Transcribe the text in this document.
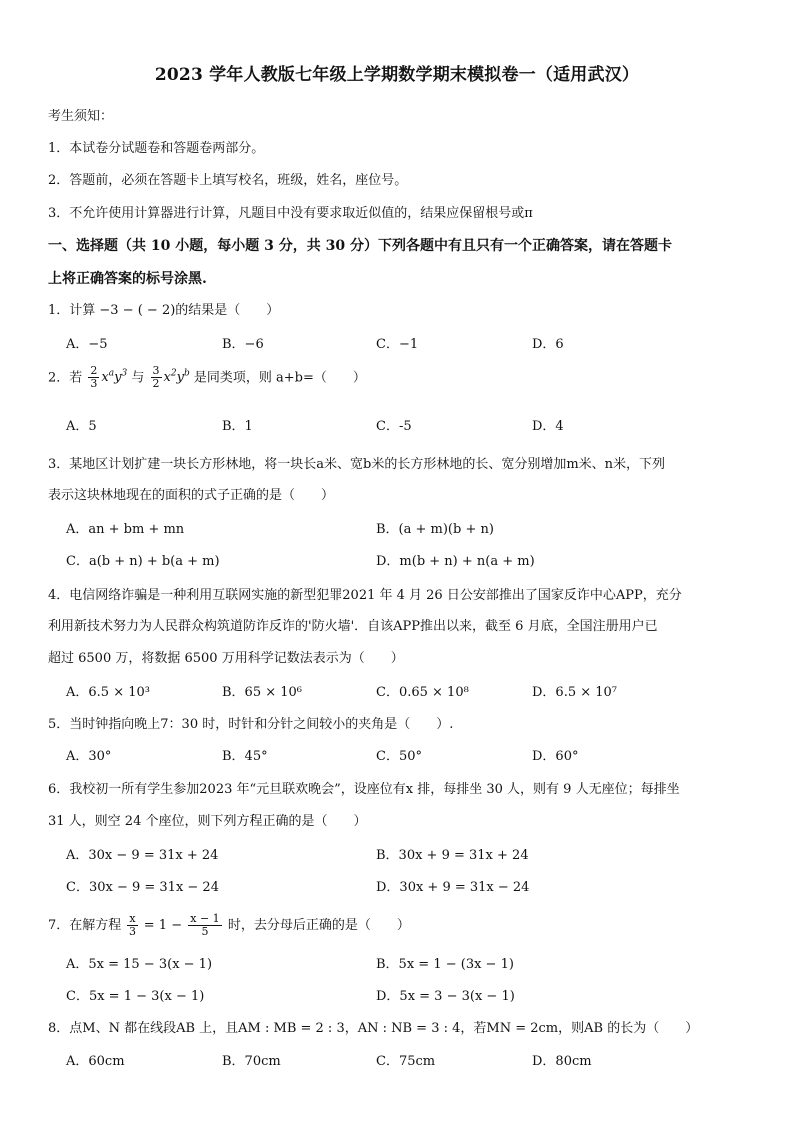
2023 学年人教版七年级上学期数学期末模拟卷一（适用武汉）
考生须知：
1．本试卷分试题卷和答题卷两部分。
2．答题前，必须在答题卡上填写校名，班级，姓名，座位号。
3．不允许使用计算器进行计算，凡题目中没有要求取近似值的，结果应保留根号或π
一、选择题（共 10 小题，每小题 3 分，共 30 分）下列各题中有且只有一个正确答案，请在答题卡
上将正确答案的标号涂黑.
1．计算 −3 − ( − 2)的结果是（　　）
A．−5	B．−6	C．−1	D．6
2．若 $\frac{2}{3} x^ay^3$ 与 $\frac{3}{2} x^2y^b$ 是同类项，则 a+b=（　　）
A．5	B．1	C．-5	D．4
3．某地区计划扩建一块长方形林地，将一块长a米、宽b米的长方形林地的长、宽分别增加m米、n米，下列
表示这块林地现在的面积的式子正确的是（　　）
A．an + bm + mn	B．(a + m)(b + n)
C．a(b + n) + b(a + m)	D．m(b + n) + n(a + m)
4．电信网络诈骗是一种利用互联网实施的新型犯罪2021 年 4 月 26 日公安部推出了国家反诈中心APP，充分
利用新技术努力为人民群众构筑道防诈反诈的'防火墙'．自该APP推出以来，截至 6 月底，全国注册用户已
超过 6500 万，将数据 6500 万用科学记数法表示为（　　）
A．6.5 × 10³	B．65 × 10⁶	C．0.65 × 10⁸	D．6.5 × 10⁷
5．当时钟指向晚上7：30 时，时针和分针之间较小的夹角是（　　）.
A．30°	B．45°	C．50°	D．60°
6．我校初一所有学生参加2023 年“元旦联欢晚会”，设座位有x 排，每排坐 30 人，则有 9 人无座位；每排坐
31 人，则空 24 个座位，则下列方程正确的是（　　）
A．30x − 9 = 31x + 24	B．30x + 9 = 31x + 24
C．30x − 9 = 31x − 24	D．30x + 9 = 31x − 24
7．在解方程 $\frac{x}{3} = 1 - \frac{x - 1}{5}$ 时，去分母后正确的是（　　）
A．5x = 15 − 3(x − 1)	B．5x = 1 − (3x − 1)
C．5x = 1 − 3(x − 1)	D．5x = 3 − 3(x − 1)
8．点M、N 都在线段AB 上，且AM : MB = 2 : 3，AN : NB = 3 : 4，若MN = 2cm，则AB 的长为（　　）
A．60cm	B．70cm	C．75cm	D．80cm
